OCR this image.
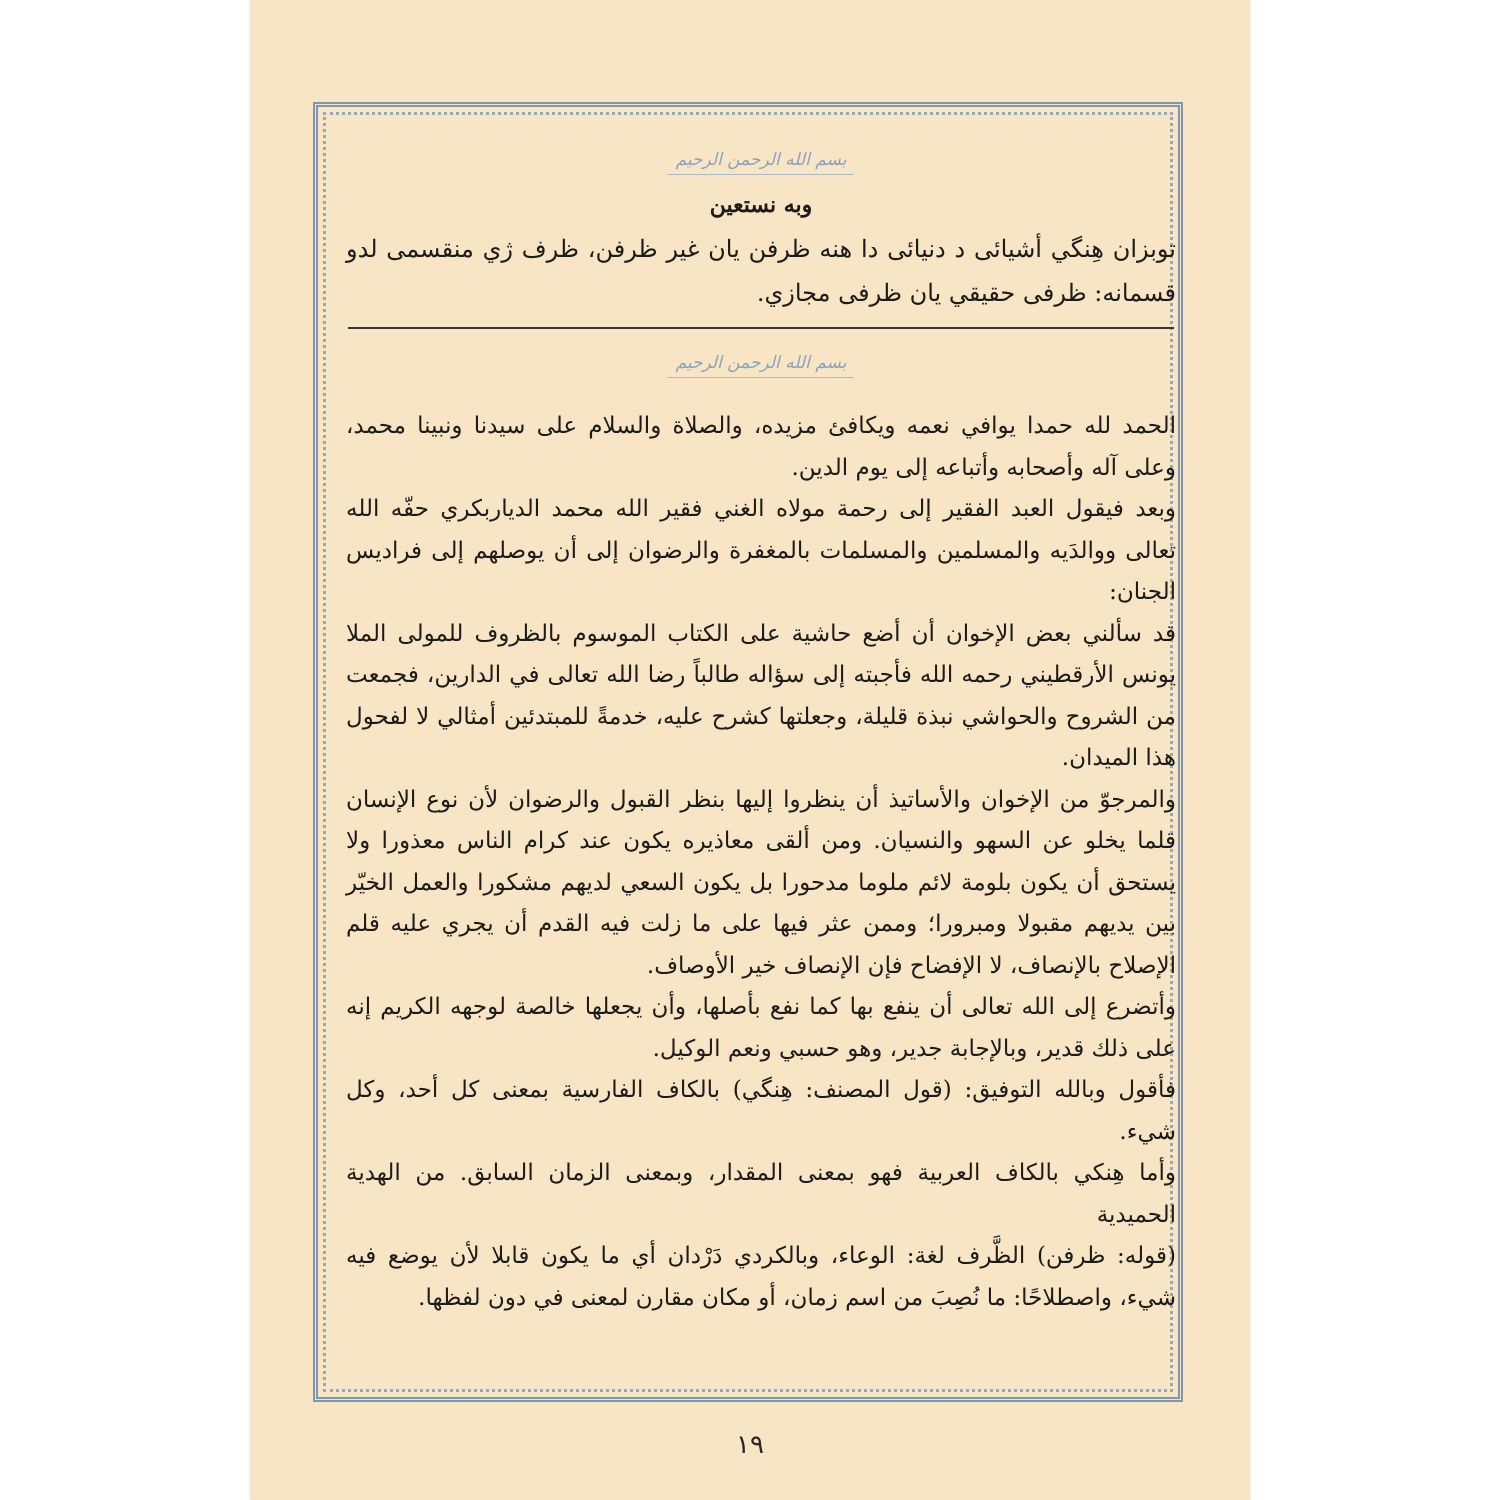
بسم الله الرحمن الرحيم
وبه نستعين
توبزان هِنگي أشيائى د دنيائى دا هنه ظرفن يان غير ظرفن، ظرف ژي منقسمى لدو قسمانه: ظرفى حقيقي يان ظرفى مجازي.
بسم الله الرحمن الرحيم

الحمد لله حمدا يوافي نعمه ويكافئ مزيده، والصلاة والسلام على سيدنا ونبينا محمد، وعلى آله وأصحابه وأتباعه إلى يوم الدين.

وبعد فيقول العبد الفقير إلى رحمة مولاه الغني فقير الله محمد الدياربكري حفّه الله تعالى ووالدَيه والمسلمين والمسلمات بالمغفرة والرضوان إلى أن يوصلهم إلى فراديس الجنان:

قد سألني بعض الإخوان أن أضع حاشية على الكتاب الموسوم بالظروف للمولى الملا يونس الأرقطيني رحمه الله فأجبته إلى سؤاله طالباً رضا الله تعالى في الدارين، فجمعت من الشروح والحواشي نبذة قليلة، وجعلتها كشرح عليه، خدمةً للمبتدئين أمثالي لا لفحول هذا الميدان.

والمرجوّ من الإخوان والأساتيذ أن ينظروا إليها بنظر القبول والرضوان لأن نوع الإنسان قلما يخلو عن السهو والنسيان. ومن ألقى معاذيره يكون عند كرام الناس معذورا ولا يستحق أن يكون بلومة لائم ملوما مدحورا بل يكون السعي لديهم مشكورا والعمل الخيّر بين يديهم مقبولا ومبرورا؛ وممن عثر فيها على ما زلت فيه القدم أن يجري عليه قلم الإصلاح بالإنصاف، لا الإفضاح فإن الإنصاف خير الأوصاف.

وأتضرع إلى الله تعالى أن ينفع بها كما نفع بأصلها، وأن يجعلها خالصة لوجهه الكريم إنه على ذلك قدير، وبالإجابة جدير، وهو حسبي ونعم الوكيل.

فأقول وبالله التوفيق: (قول المصنف: هِنگي) بالكاف الفارسية بمعنى كل أحد، وكل شيء.

وأما هِنكي بالكاف العربية فهو بمعنى المقدار، وبمعنى الزمان السابق. من الهدية الحميدية

(قوله: ظرفن) الظَّرف لغة: الوعاء، وبالكردي دَرْدان أي ما يكون قابلا لأن يوضع فيه شيء، واصطلاحًا: ما نُصِبَ من اسم زمان، أو مكان مقارن لمعنى في دون لفظها.

١٩
